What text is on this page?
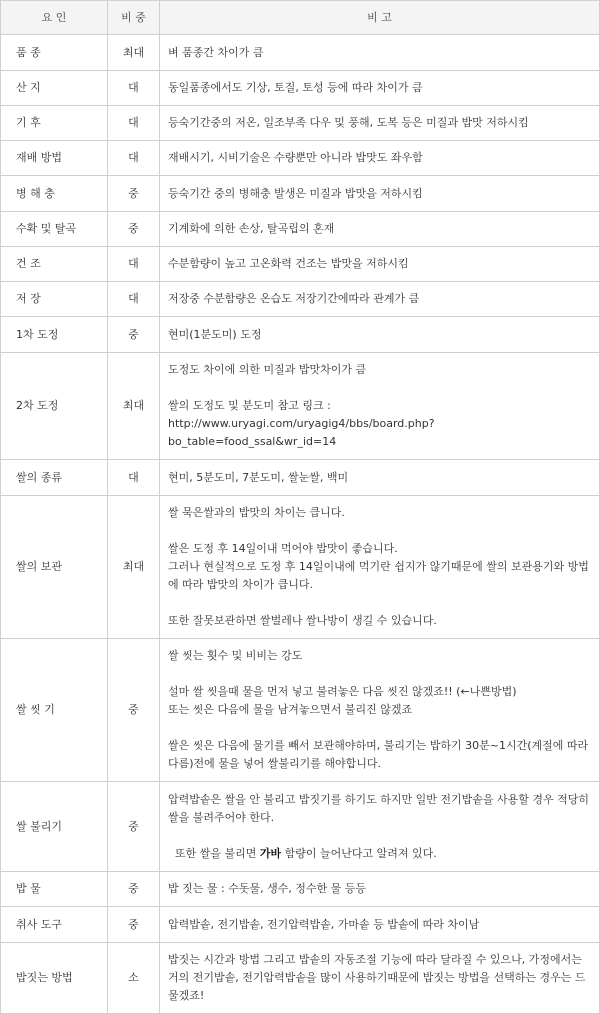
요 인	비 중	비 고
품 종	최대	벼 품종간 차이가 큼

산 지	대	동일품종에서도 기상, 토질, 토성 등에 따라 차이가 큼

기 후	대	등숙기간중의 저온, 일조부족 다우 및 풍해, 도복 등은 미질과 밥맛 저하시킴

재배 방법	대	재배시기, 시비기술은 수량뿐만 아니라 밥맛도 좌우함

병 해 충	중	등숙기간 중의 병해충 발생은 미질과 밥맛을 저하시킴

수확 및 탈곡	중	기계화에 의한 손상, 탈곡립의 혼재

건 조	대	수분함량이 높고 고온화력 건조는 밥맛을 저하시킴

저 장	대	저장중 수분함량은 온습도 저장기간에따라 관계가 큼

1차 도정	중	현미(1분도미) 도정

2차 도정	최대	도정도 차이에 의한 미질과 밥맛차이가 큼

쌀의 도정도 및 분도미 참고 링크 :
http://www.uryagi.com/uryagig4/bbs/board.php?
bo_table=food_ssal&wr_id=14

쌀의 종류	대	현미, 5분도미, 7분도미, 쌀눈쌀, 백미

쌀의 보관	최대	쌀 묵은쌀과의 밥맛의 차이는 큽니다.

쌀은 도정 후 14일이내 먹어야 밥맛이 좋습니다.
그러나 현실적으로 도정 후 14일이내에 먹기란 쉽지가 않기때문에 쌀의 보관용기와 방법에 따라 밥맛의 차이가 큽니다.

또한 잘못보관하면 쌀벌레나 쌀나방이 생길 수 있습니다.

쌀 씻 기	중	쌀 씻는 횟수 및 비비는 강도

설마 쌀 씻을때 물을 먼저 넣고 불려놓은 다음 씻진 않겠죠!! (←나쁜방법)
또는 씻은 다음에 물을 남겨놓으면서 불리진 않겠죠

쌀은 씻은 다음에 물기를 빼서 보관해야하며, 불리기는 밥하기 30분~1시간(계절에 따라 다름)전에 물을 넣어 쌀불리기를 해야합니다.

쌀 불리기	중	압력밥솥은 쌀을 안 불리고 밥짓기를 하기도 하지만 일반 전기밥솥을 사용할 경우 적당히 쌀을 불려주어야 한다.

또한 쌀을 불리면 가바 함량이 늘어난다고 알려져 있다.

밥 물	중	밥 짓는 물 : 수돗물, 생수, 정수한 물 등등

취사 도구	중	압력밥솥, 전기밥솥, 전기압력밥솥, 가마솥 등 밥솥에 따라 차이남

밥짓는 방법	소	밥짓는 시간과 방법 그리고 밥솥의 자동조절 기능에 따라 달라질 수 있으나, 가정에서는 거의 전기밥솥, 전기압력밥솥을 많이 사용하기때문에 밥짓는 방법을 선택하는 경우는 드물겠죠!
